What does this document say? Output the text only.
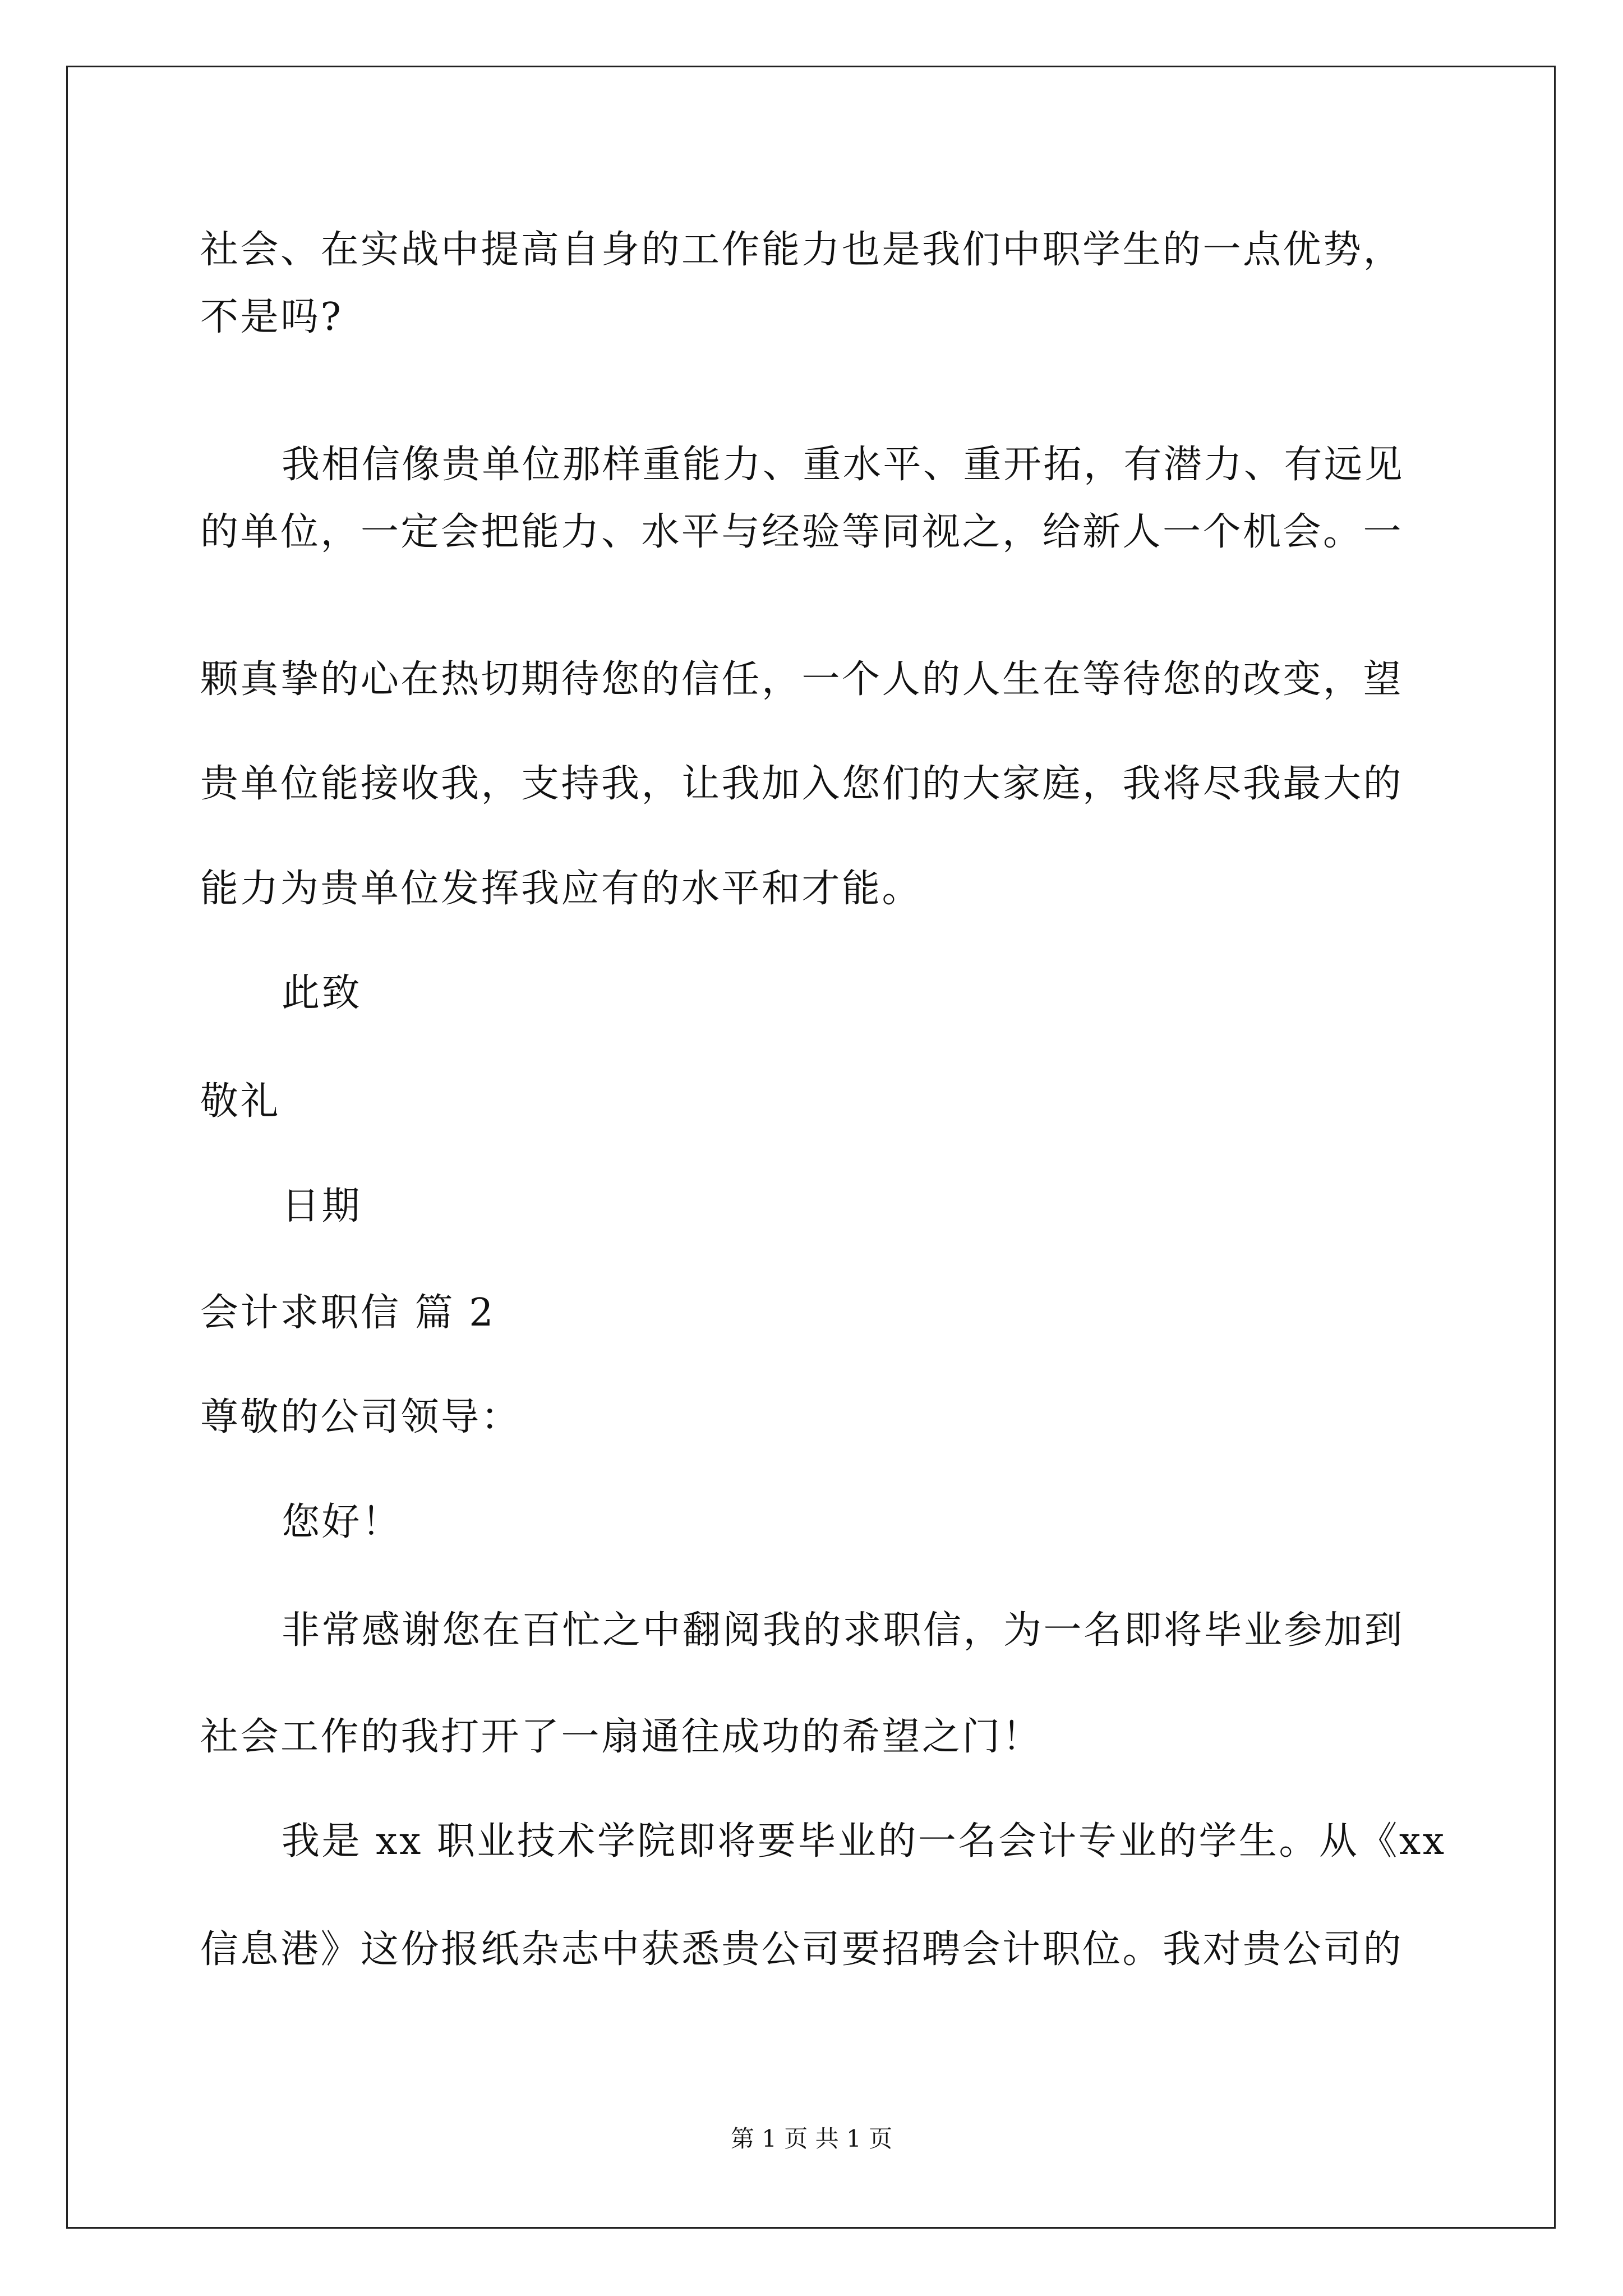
社会、在实战中提高自身的工作能力也是我们中职学生的一点优势，
不是吗?
我相信像贵单位那样重能力、重水平、重开拓，有潜力、有远见
的单位，一定会把能力、水平与经验等同视之，给新人一个机会。一
颗真挚的心在热切期待您的信任，一个人的人生在等待您的改变，望
贵单位能接收我，支持我，让我加入您们的大家庭，我将尽我最大的
能力为贵单位发挥我应有的水平和才能。
此致
敬礼
日期
会计求职信 篇 2
尊敬的公司领导：
您好！
非常感谢您在百忙之中翻阅我的求职信，为一名即将毕业参加到
社会工作的我打开了一扇通往成功的希望之门！
我是 xx 职业技术学院即将要毕业的一名会计专业的学生。从《xx
信息港》这份报纸杂志中获悉贵公司要招聘会计职位。我对贵公司的
第 1 页 共 1 页
